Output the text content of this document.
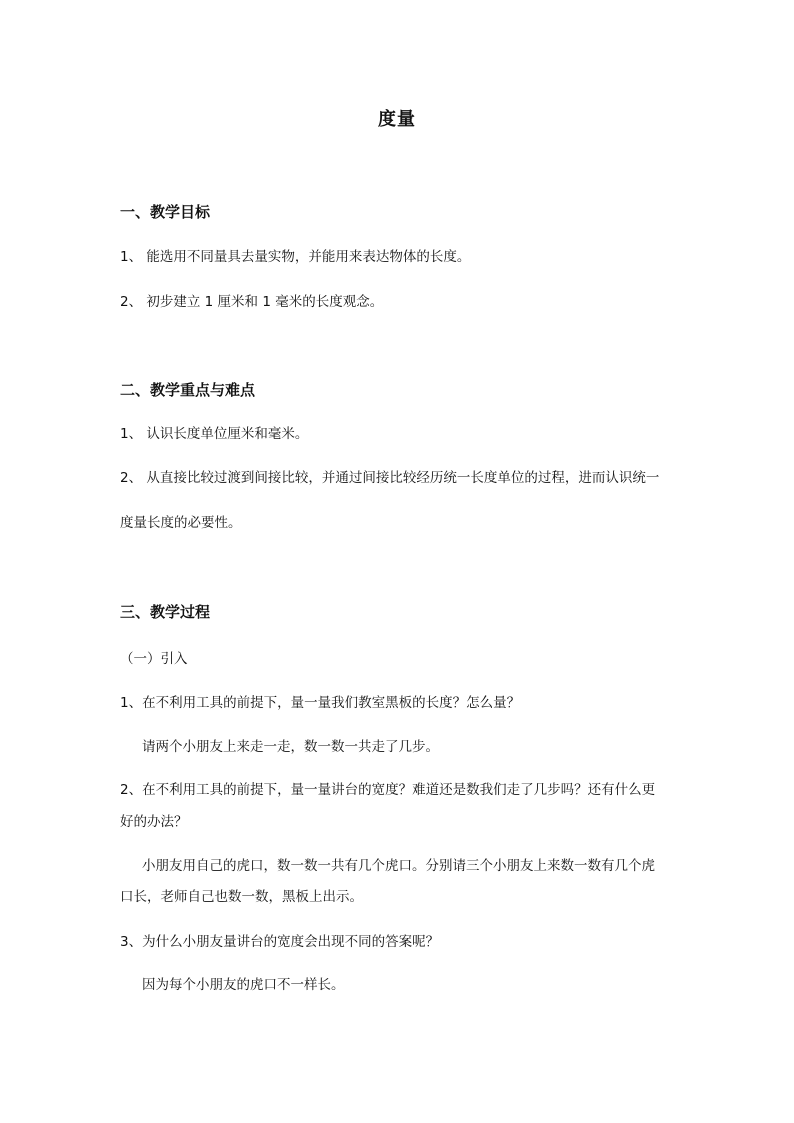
度量
一、教学目标
1、 能选用不同量具去量实物，并能用来表达物体的长度。
2、 初步建立 1 厘米和 1 毫米的长度观念。
二、教学重点与难点
1、 认识长度单位厘米和毫米。
2、 从直接比较过渡到间接比较，并通过间接比较经历统一长度单位的过程，进而认识统一
度量长度的必要性。
三、教学过程
（一）引入
1、在不利用工具的前提下，量一量我们教室黑板的长度？怎么量？
请两个小朋友上来走一走，数一数一共走了几步。
2、在不利用工具的前提下，量一量讲台的宽度？难道还是数我们走了几步吗？还有什么更
好的办法？
小朋友用自己的虎口，数一数一共有几个虎口。分别请三个小朋友上来数一数有几个虎
口长，老师自己也数一数，黑板上出示。
3、为什么小朋友量讲台的宽度会出现不同的答案呢？
因为每个小朋友的虎口不一样长。
